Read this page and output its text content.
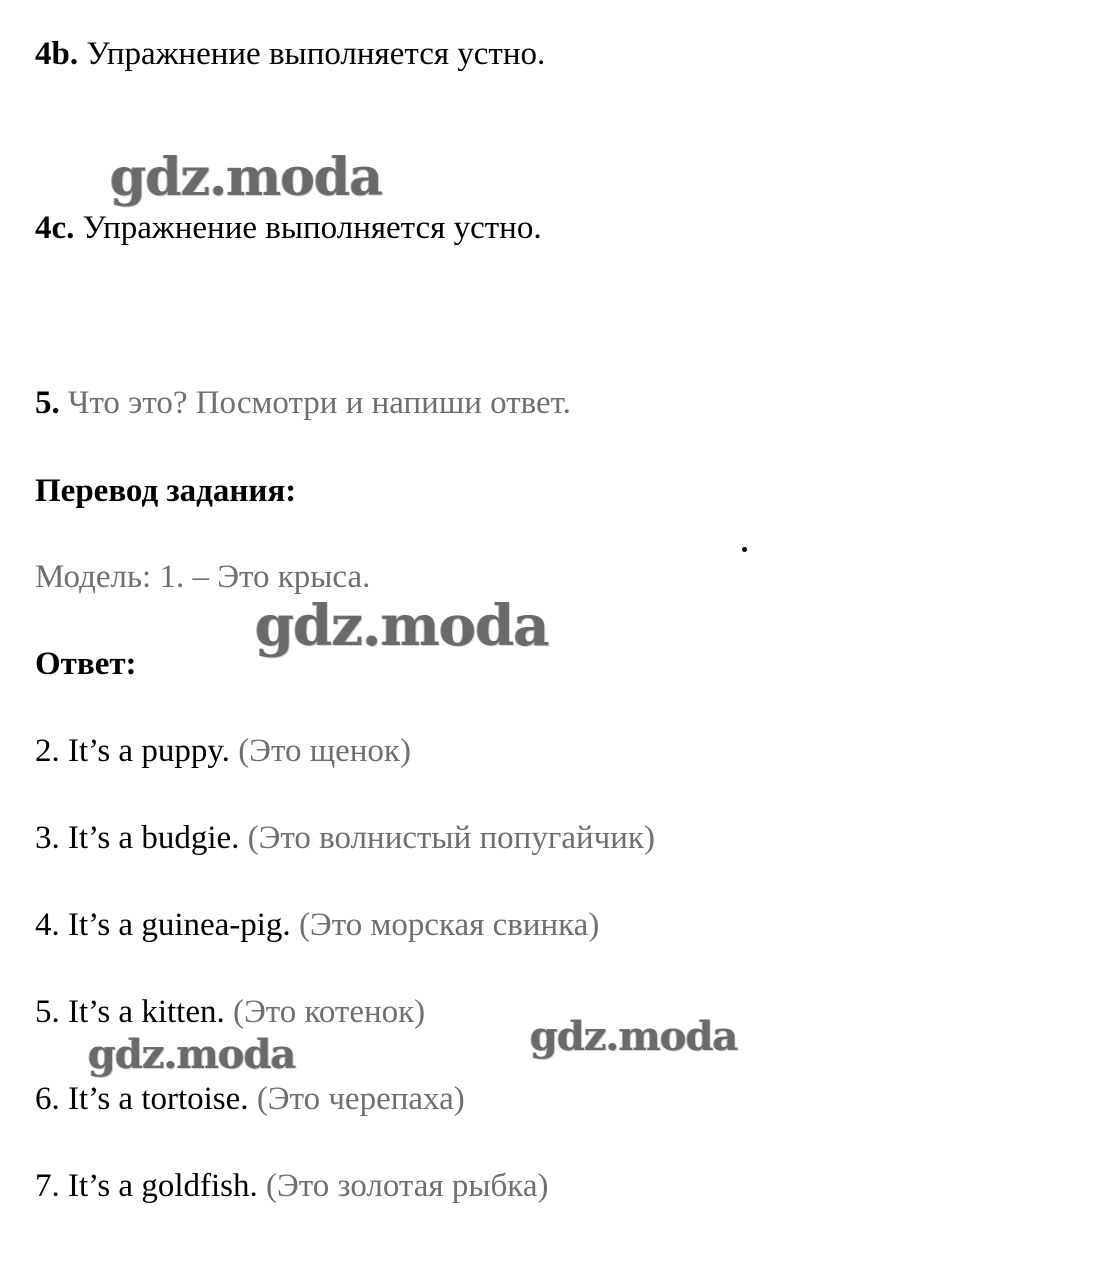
4b. Упражнение выполняется устно.
4c. Упражнение выполняется устно.
5. Что это? Посмотри и напиши ответ.
Перевод задания:
Модель: 1. – Это крыса.
Ответ:
2. It’s a puppy. (Это щенок)
3. It’s a budgie. (Это волнистый попугайчик)
4. It’s a guinea-pig. (Это морская свинка)
5. It’s a kitten. (Это котенок)
6. It’s a tortoise. (Это черепаха)
7. It’s a goldfish. (Это золотая рыбка)
gdz.moda
gdz.moda
gdz.moda	gdz.moda
